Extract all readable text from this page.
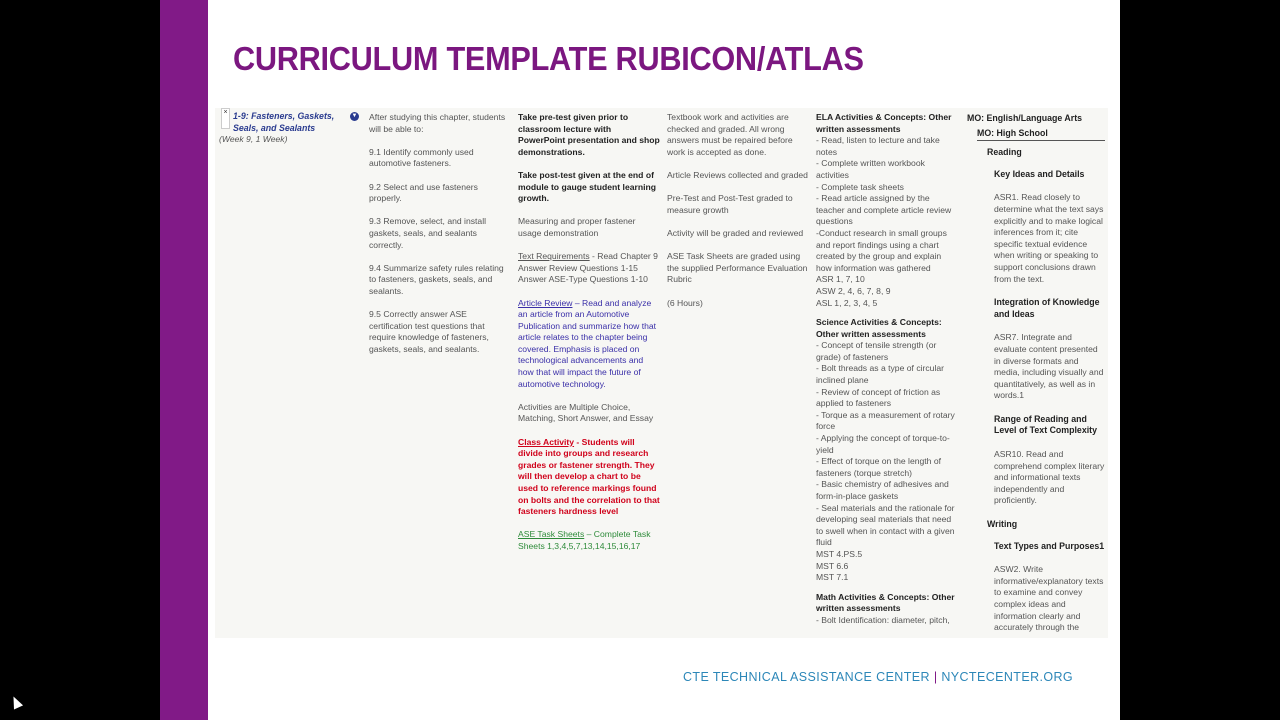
CURRICULUM TEMPLATE RUBICON/ATLAS
× 1-9: Fasteners, Gaskets, Seals, and Sealants
(Week 9, 1 Week)
▼ After studying this chapter, students will be able to:

9.1 Identify commonly used automotive fasteners.

9.2 Select and use fasteners properly.

9.3 Remove, select, and install gaskets, seals, and sealants correctly.

9.4 Summarize safety rules relating to fasteners, gaskets, seals, and sealants.

9.5 Correctly answer ASE certification test questions that require knowledge of fasteners, gaskets, seals, and sealants.

Take pre-test given prior to classroom lecture with PowerPoint presentation and shop demonstrations.

Take post-test given at the end of module to gauge student learning growth.

Measuring and proper fastener usage demonstration

Text Requirements - Read Chapter 9 Answer Review Questions 1-15 Answer ASE-Type Questions 1-10

Article Review – Read and analyze an article from an Automotive Publication and summarize how that article relates to the chapter being covered. Emphasis is placed on technological advancements and how that will impact the future of automotive technology.

Activities are Multiple Choice, Matching, Short Answer, and Essay

Class Activity - Students will divide into groups and research grades or fastener strength. They will then develop a chart to be used to reference markings found on bolts and the correlation to that fasteners hardness level

ASE Task Sheets – Complete Task Sheets 1,3,4,5,7,13,14,15,16,17

Textbook work and activities are checked and graded. All wrong answers must be repaired before work is accepted as done.

Article Reviews collected and graded

Pre-Test and Post-Test graded to measure growth

Activity will be graded and reviewed

ASE Task Sheets are graded using the supplied Performance Evaluation Rubric

(6 Hours)

ELA Activities & Concepts: Other written assessments
- Read, listen to lecture and take notes
- Complete written workbook activities
- Complete task sheets
- Read article assigned by the teacher and complete article review questions
-Conduct research in small groups and report findings using a chart created by the group and explain how information was gathered
ASR 1, 7, 10
ASW 2, 4, 6, 7, 8, 9
ASL 1, 2, 3, 4, 5
Science Activities & Concepts: Other written assessments
- Concept of tensile strength (or grade) of fasteners
- Bolt threads as a type of circular inclined plane
- Review of concept of friction as applied to fasteners
- Torque as a measurement of rotary force
- Applying the concept of torque-to-yield
- Effect of torque on the length of fasteners (torque stretch)
- Basic chemistry of adhesives and form-in-place gaskets
- Seal materials and the rationale for developing seal materials that need to swell when in contact with a given fluid
MST 4.PS.5
MST 6.6
MST 7.1
Math Activities & Concepts: Other written assessments
- Bolt Identification: diameter, pitch,
MO: English/Language Arts
MO: High School
Reading
Key Ideas and Details
ASR1. Read closely to determine what the text says explicitly and to make logical inferences from it; cite specific textual evidence when writing or speaking to support conclusions drawn from the text.
Integration of Knowledge and Ideas
ASR7. Integrate and evaluate content presented in diverse formats and media, including visually and quantitatively, as well as in words.1
Range of Reading and Level of Text Complexity
ASR10. Read and comprehend complex literary and informational texts independently and proficiently.
Writing
Text Types and Purposes1
ASW2. Write informative/explanatory texts to examine and convey complex ideas and information clearly and accurately through the
CTE TECHNICAL ASSISTANCE CENTER | NYCTECENTER.ORG
